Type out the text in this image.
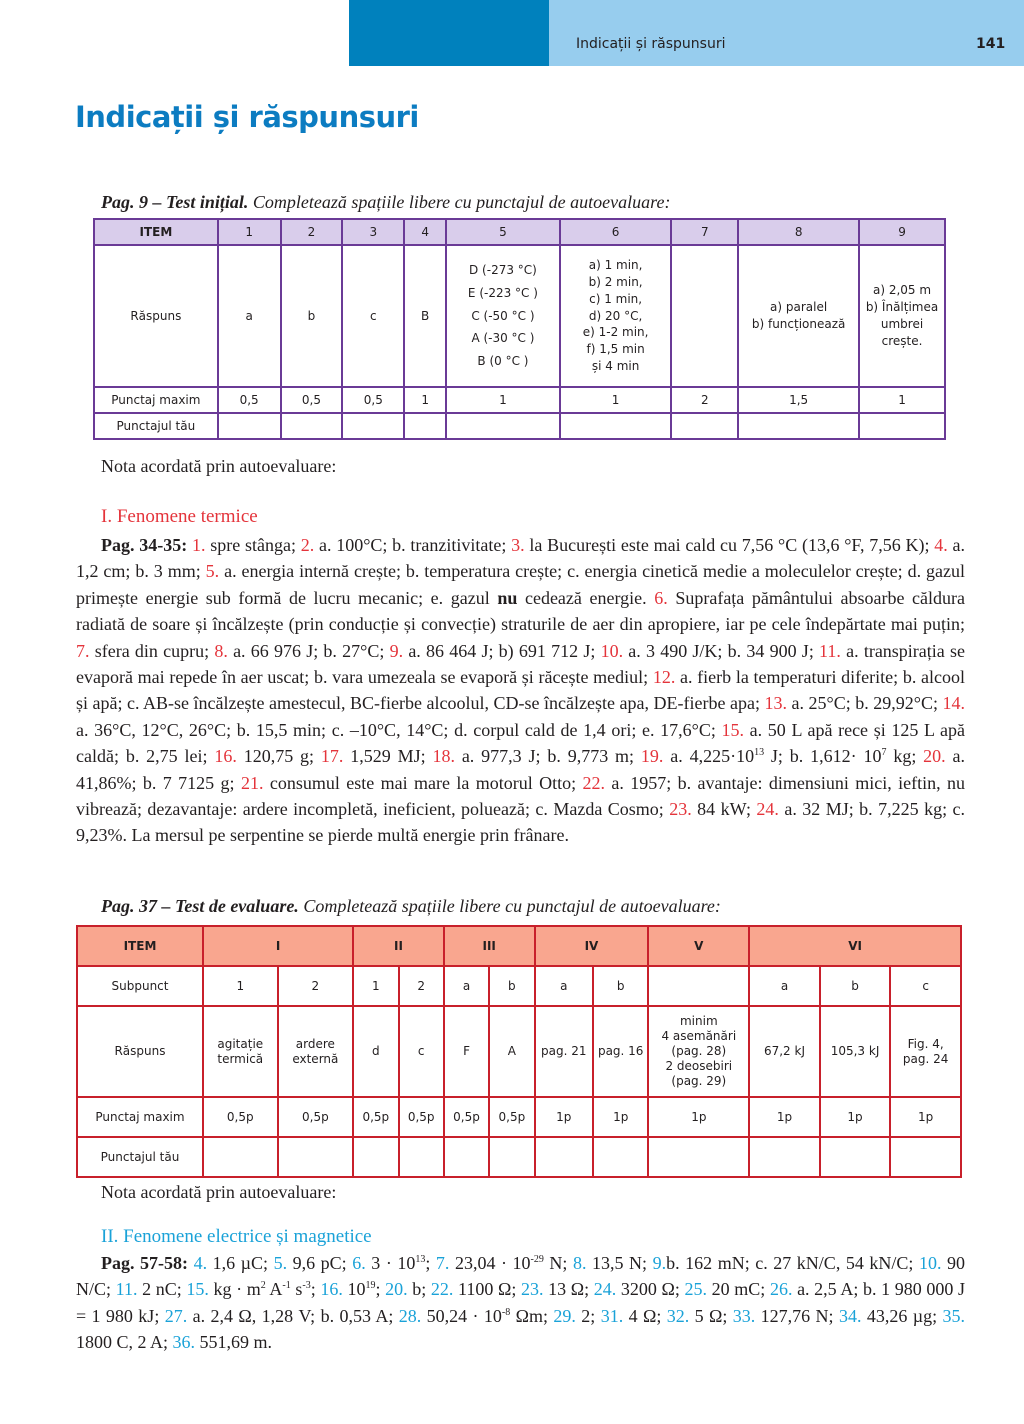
Indicații și răspunsuri	141
Indicații și răspunsuri
Pag. 9 – Test inițial. Completează spațiile libere cu punctajul de autoevaluare:
ITEM	1	2	3	4	5	6	7	8	9
Răspuns	a	b	c	B	D (-273 °C)
E (-223 °C )
C (-50 °C )
A (-30 °C )
B (0 °C )	a) 1 min,
b) 2 min,
c) 1 min,
d) 20 °C,
e) 1-2 min,
f) 1,5 min
și 4 min		a) paralel
b) funcționează	a) 2,05 m
b) Înălțimea
umbrei
crește.
Punctaj maxim	0,5	0,5	0,5	1	1	1	2	1,5	1
Punctajul tău									
Nota acordată prin autoevaluare:
I. Fenomene termice
Pag. 34-35: 1. spre stânga; 2. a. 100°C; b. tranzitivitate; 3. la București este mai cald cu 7,56 °C (13,6 °F, 7,56 K); 4. a. 1,2 cm; b. 3 mm; 5. a. energia internă crește; b. temperatura crește; c. energia cinetică medie a moleculelor crește; d. gazul primește energie sub formă de lucru mecanic; e. gazul nu cedează energie. 6. Suprafața pământului absoarbe căldura radiată de soare și încălzește (prin conducție și convecție) straturile de aer din apropiere, iar pe cele îndepărtate mai puțin; 7. sfera din cupru; 8. a. 66 976 J; b. 27°C; 9. a. 86 464 J; b) 691 712 J; 10. a. 3 490 J/K; b. 34 900 J; 11. a. transpirația se evaporă mai repede în aer uscat; b. vara umezeala se evaporă și răcește mediul; 12. a. fierb la temperaturi diferite; b. alcool și apă; c. AB-se încălzește amestecul, BC-fierbe alcoolul, CD-se încălzește apa, DE-fierbe apa; 13. a. 25°C; b. 29,92°C; 14. a. 36°C, 12°C, 26°C; b. 15,5 min; c. –10°C, 14°C; d. corpul cald de 1,4 ori; e. 17,6°C; 15. a. 50 L apă rece și 125 L apă caldă; b. 2,75 lei; 16. 120,75 g; 17. 1,529 MJ; 18. a. 977,3 J; b. 9,773 m; 19. a. $4,225\cdot 10^{13}$ J; b. $1,612\cdot 10^7$ kg; 20. a. 41,86%; b. 7 7125 g; 21. consumul este mai mare la motorul Otto; 22. a. 1957; b. avantaje: dimensiuni mici, ieftin, nu vibrează; dezavantaje: ardere incompletă, ineficient, poluează; c. Mazda Cosmo; 23. 84 kW; 24. a. 32 MJ; b. 7,225 kg; c. 9,23%. La mersul pe serpentine se pierde multă energie prin frânare.
Pag. 37 – Test de evaluare. Completează spațiile libere cu punctajul de autoevaluare:
ITEM	I		II		III		IV		V	VI		
Subpunct	1	2	1	2	a	b	a	b		a	b	c
Răspuns	agitație
termică	ardere
externă	d	c	F	A	pag. 21	pag. 16	minim
4 asemănări
(pag. 28)
2 deosebiri
(pag. 29)	67,2 kJ	105,3 kJ	Fig. 4,
pag. 24
Punctaj maxim	0,5p	0,5p	0,5p	0,5p	0,5p	0,5p	1p	1p	1p	1p	1p	1p
Punctajul tău												
Nota acordată prin autoevaluare:
II. Fenomene electrice și magnetice
Pag. 57-58: 4. 1,6 µC; 5. 9,6 pC; 6. $3 \cdot 10^{13}$; 7. $23,04 \cdot 10^{-29}$ N; 8. 13,5 N; 9.b. 162 mN; c. 27 kN/C, 54 kN/C; 10. 90 N/C; 11. 2 nC; 15. kg · $m^2$ $A^{-1}$ $s^{-3}$; 16. $10^{19}$; 20. b; 22. 1100 Ω; 23. 13 Ω; 24. 3200 Ω; 25. 20 mC; 26. a. 2,5 A; b. 1 980 000 J = 1 980 kJ; 27. a. 2,4 Ω, 1,28 V; b. 0,53 A; 28. $50,24 \cdot 10^{-8}$ Ωm; 29. 2; 31. 4 Ω; 32. 5 Ω; 33. 127,76 N; 34. 43,26 µg; 35. 1800 C, 2 A; 36. 551,69 m.
